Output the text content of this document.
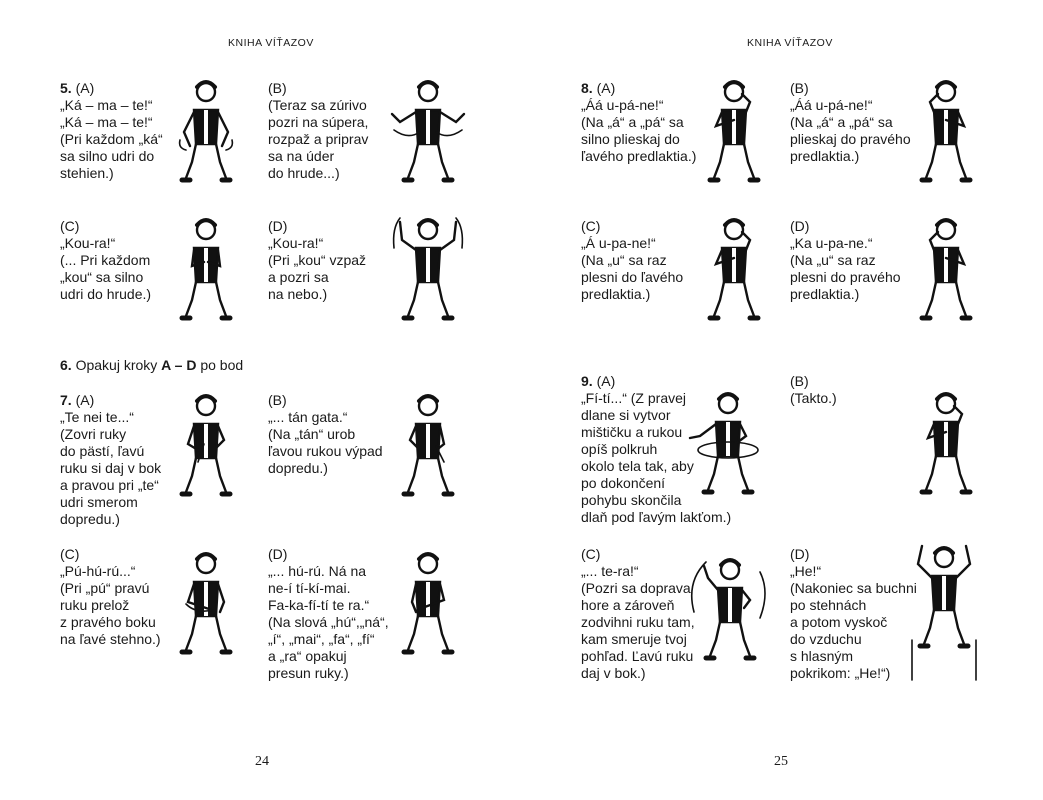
KNIHA VÍŤAZOV	KNIHA VÍŤAZOV
24	25
5. (A)
„Ká – ma – te!“
„Ká – ma – te!“
(Pri každom „ká“
sa silno udri do
stehien.)
(B)
(Teraz sa zúrivo
pozri na súpera,
rozpaž a priprav
sa na úder
do hrude...)
(C)
„Kou-ra!“
(... Pri každom
„kou“ sa silno
udri do hrude.)
(D)
„Kou-ra!“
(Pri „kou“ vzpaž
a pozri sa
na nebo.)
6. Opakuj kroky A – D po bod
7. (A)
„Te nei te...“
(Zovri ruky
do pästí, ľavú
ruku si daj v bok
a pravou pri „te“
udri smerom
dopredu.)
(B)
„... tán gata.“
(Na „tán“ urob
ľavou rukou výpad
dopredu.)
(C)
„Pú-hú-rú...“
(Pri „pú“ pravú
ruku prelož
z pravého boku
na ľavé stehno.)
(D)
„... hú-rú. Ná na
ne-í tí-kí-mai.
Fa-ka-fí-tí te ra.“
(Na slová „hú“,„ná“,
„í“, „mai“, „fa“, „fí“
a „ra“ opakuj
presun ruky.)
8. (A)
„Áá u-pá-ne!“
(Na „á“ a „pá“ sa
silno plieskaj do
ľavého predlaktia.)
(B)
„Áá u-pá-ne!“
(Na „á“ a „pá“ sa
plieskaj do pravého
predlaktia.)
(C)
„Á u-pa-ne!“
(Na „u“ sa raz
plesni do ľavého
predlaktia.)
(D)
„Ka u-pa-ne.“
(Na „u“ sa raz
plesni do pravého
predlaktia.)
9. (A)
„Fí-tí...“ (Z pravej
dlane si vytvor
mištičku a rukou
opíš polkruh
okolo tela tak, aby
po dokončení
pohybu skončila
dlaň pod ľavým lakťom.)
(B)
(Takto.)
(C)
„... te-ra!“
(Pozri sa doprava
hore a zároveň
zodvihni ruku tam,
kam smeruje tvoj
pohľad. Ľavú ruku
daj v bok.)
(D)
„He!“
(Nakoniec sa buchni
po stehnách
a potom vyskoč
do vzduchu
s hlasným
pokrikom: „He!“)
